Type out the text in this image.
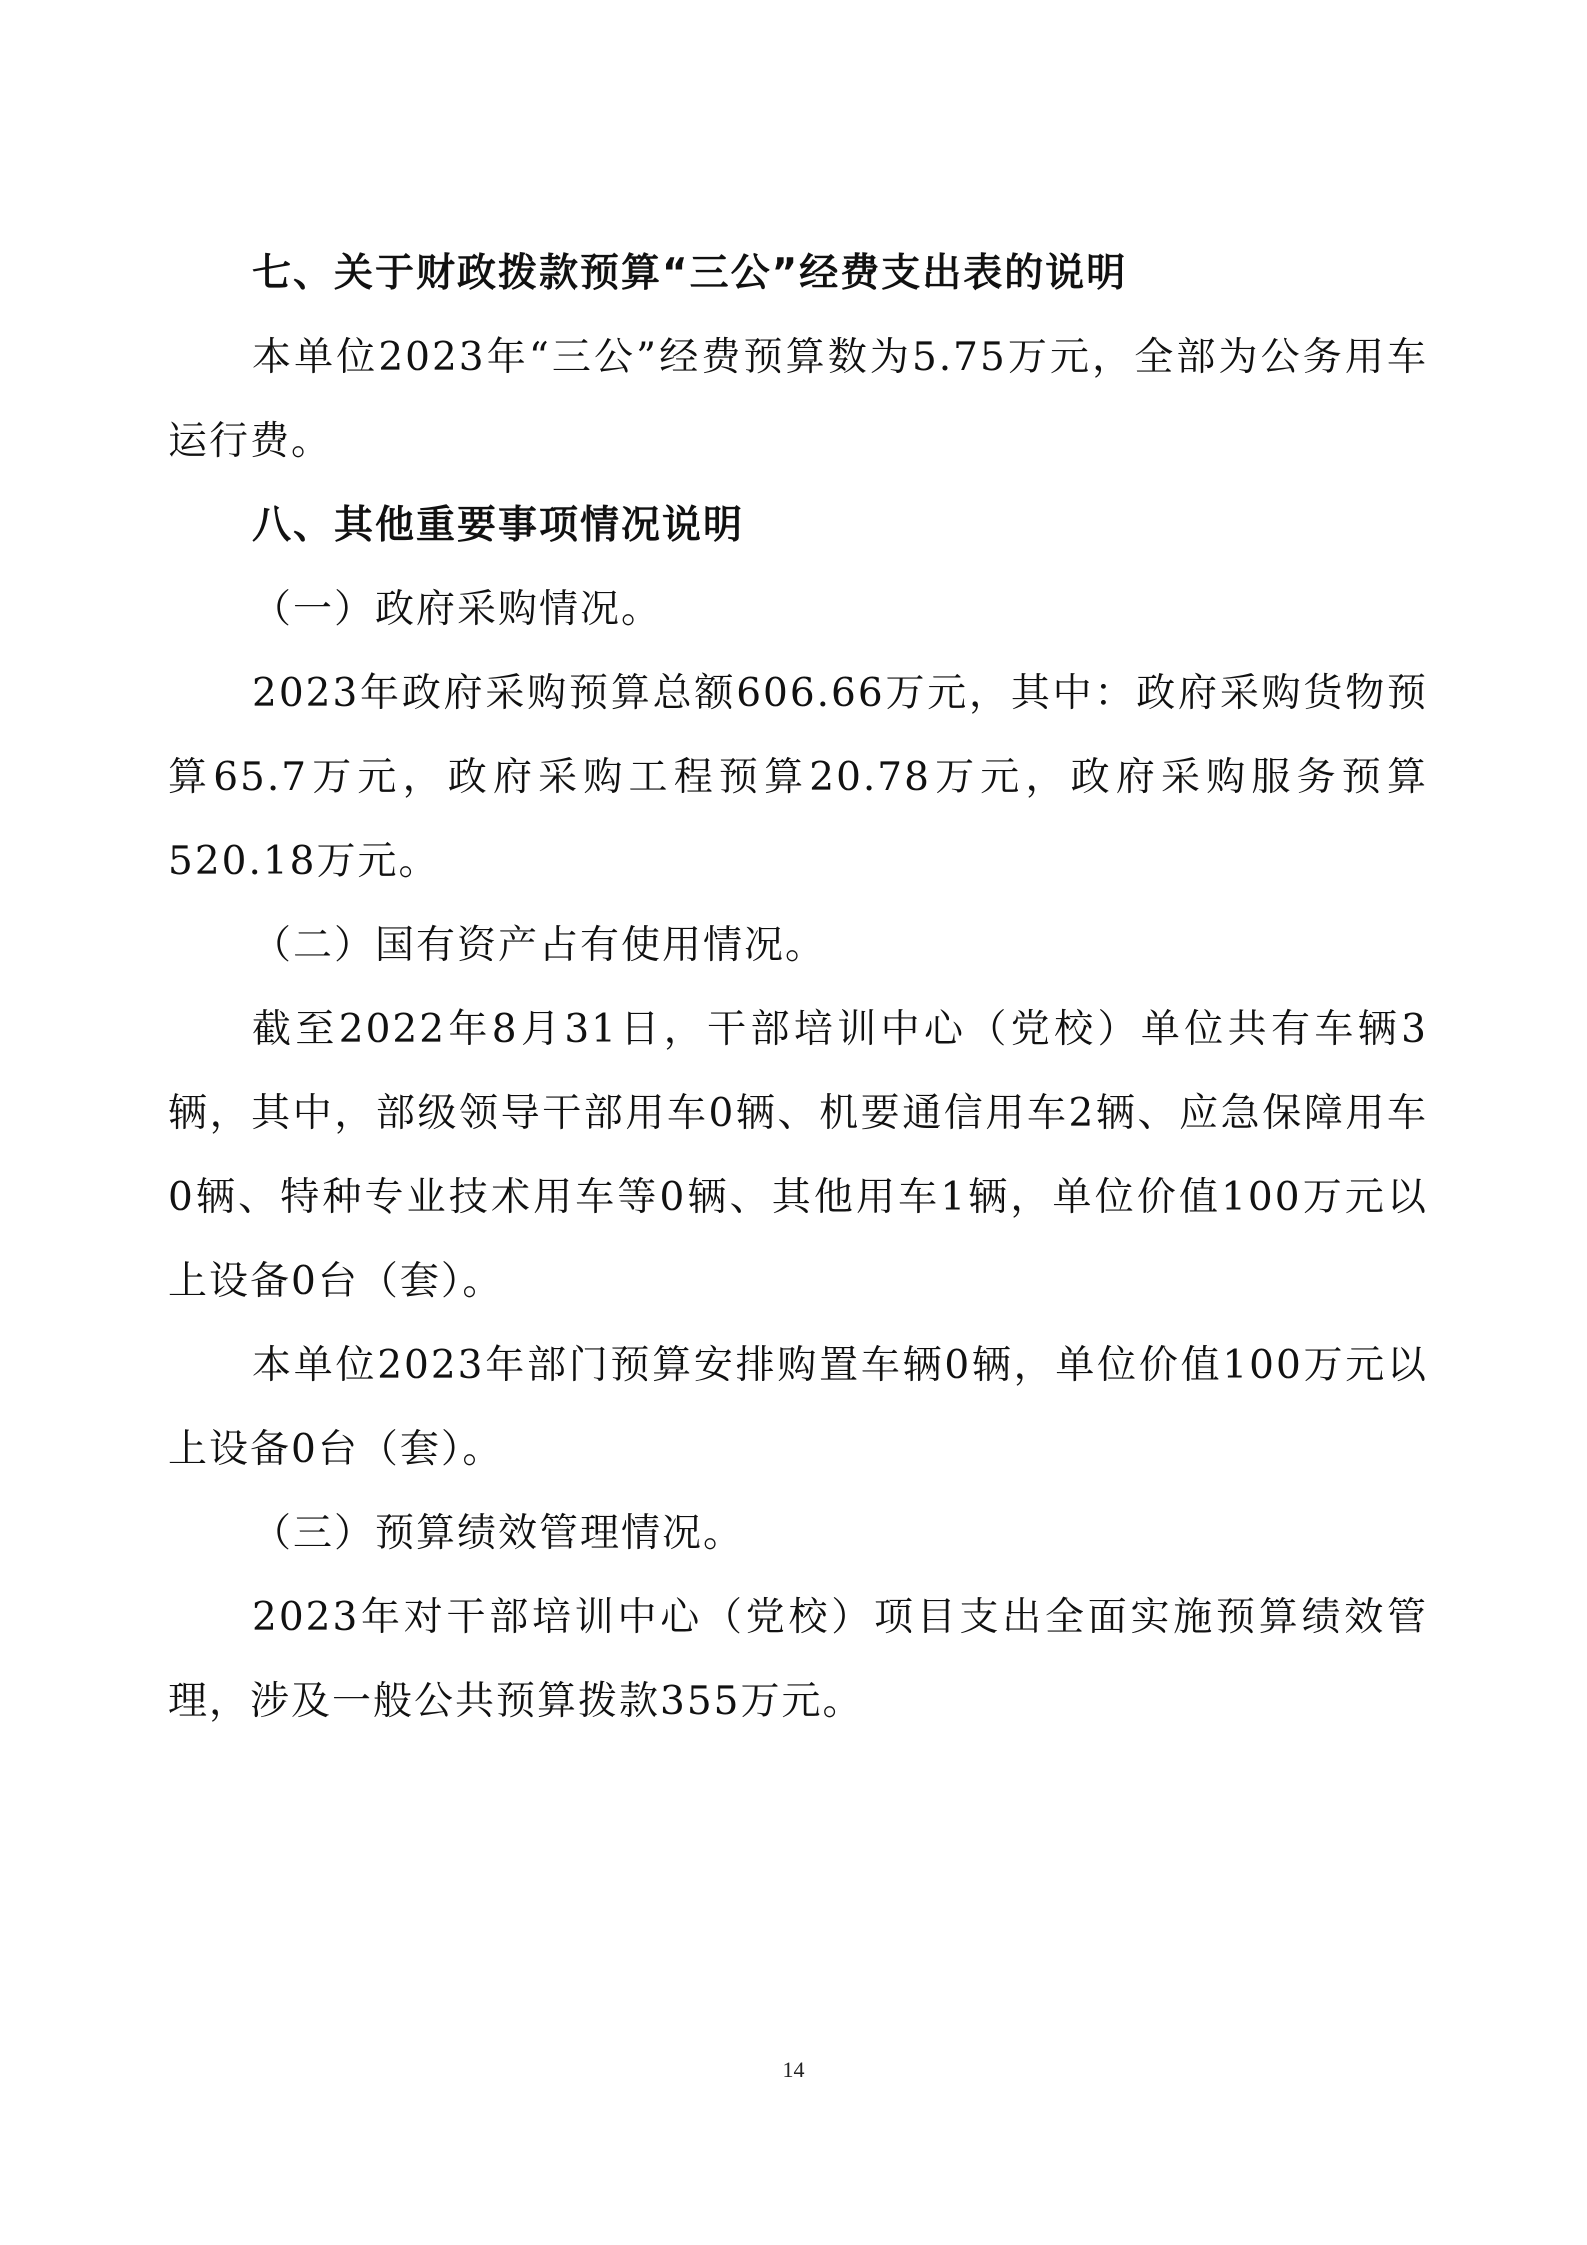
七、关于财政拨款预算“三公”经费支出表的说明

本单位2023年“三公”经费预算数为5.75万元，全部为公务用车运行费。

八、其他重要事项情况说明

（一）政府采购情况。

2023年政府采购预算总额606.66万元，其中：政府采购货物预算65.7万元，政府采购工程预算20.78万元，政府采购服务预算520.18万元。

（二）国有资产占有使用情况。

截至2022年8月31日，干部培训中心（党校）单位共有车辆3辆，其中，部级领导干部用车0辆、机要通信用车2辆、应急保障用车0辆、特种专业技术用车等0辆、其他用车1辆，单位价值100万元以上设备0台（套）。

本单位2023年部门预算安排购置车辆0辆，单位价值100万元以上设备0台（套）。

（三）预算绩效管理情况。

2023年对干部培训中心（党校）项目支出全面实施预算绩效管理，涉及一般公共预算拨款355万元。

14
